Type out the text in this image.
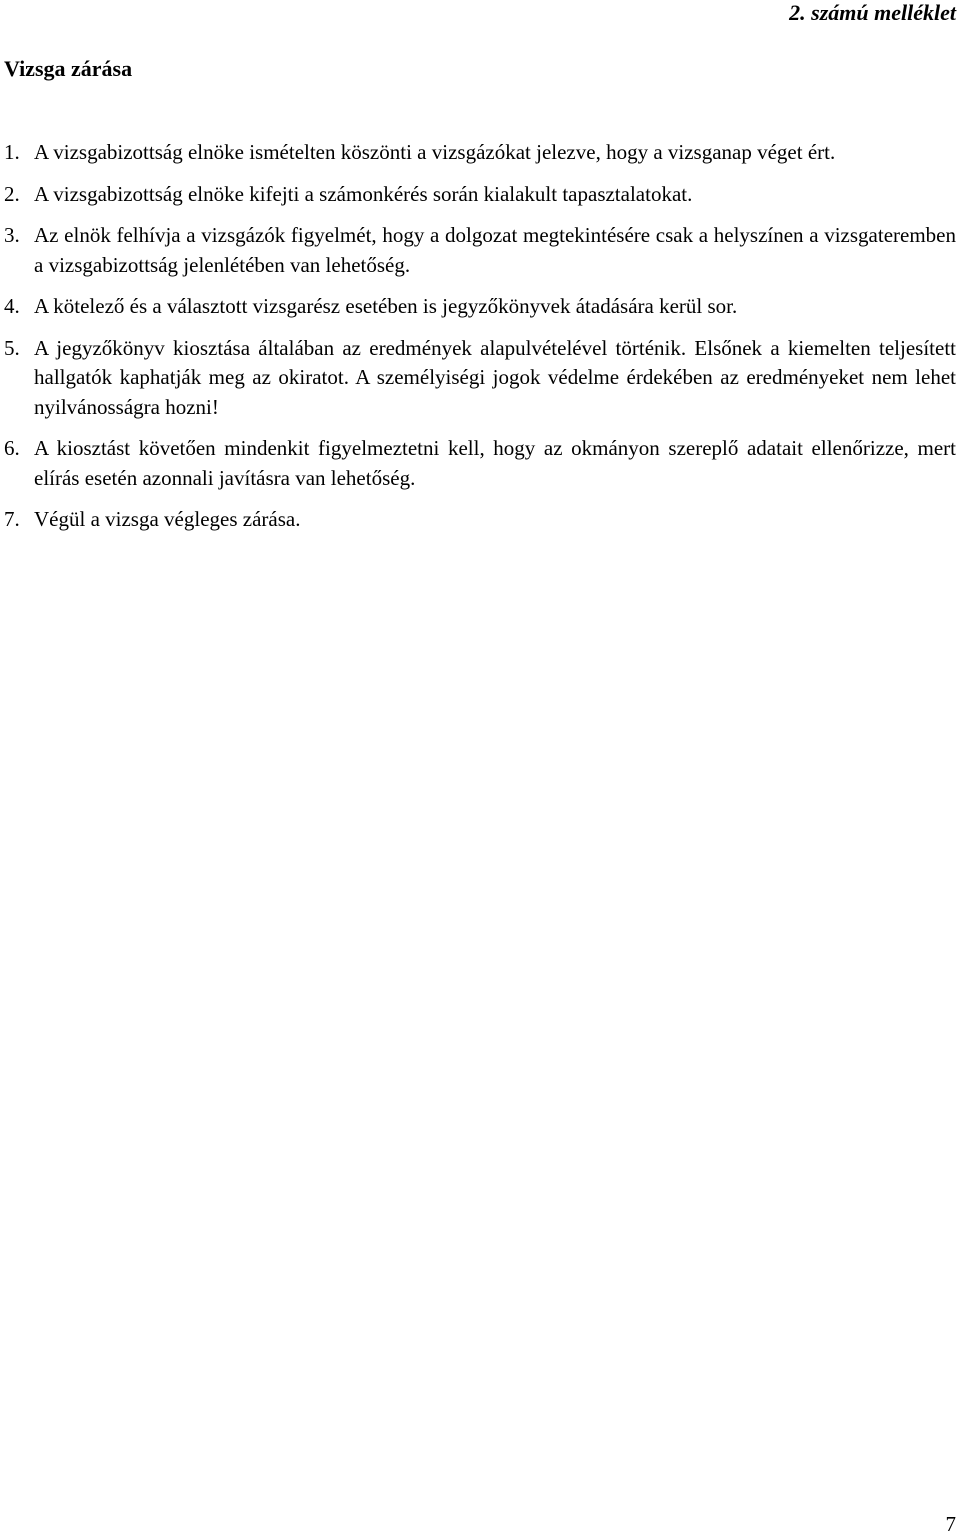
2. számú melléklet
Vizsga zárása
1. A vizsgabizottság elnöke ismételten köszönti a vizsgázókat jelezve, hogy a vizsganap véget ért.
2. A vizsgabizottság elnöke kifejti a számonkérés során kialakult tapasztalatokat.
3. Az elnök felhívja a vizsgázók figyelmét, hogy a dolgozat megtekintésére csak a helyszínen a vizsgateremben a vizsgabizottság jelenlétében van lehetőség.
4. A kötelező és a választott vizsgarész esetében is jegyzőkönyvek átadására kerül sor.
5. A jegyzőkönyv kiosztása általában az eredmények alapulvételével történik. Elsőnek a kiemelten teljesített hallgatók kaphatják meg az okiratot. A személyiségi jogok védelme érdekében az eredményeket nem lehet nyilvánosságra hozni!
6. A kiosztást követően mindenkit figyelmeztetni kell, hogy az okmányon szereplő adatait ellenőrizze, mert elírás esetén azonnali javításra van lehetőség.
7. Végül a vizsga végleges zárása.
7
